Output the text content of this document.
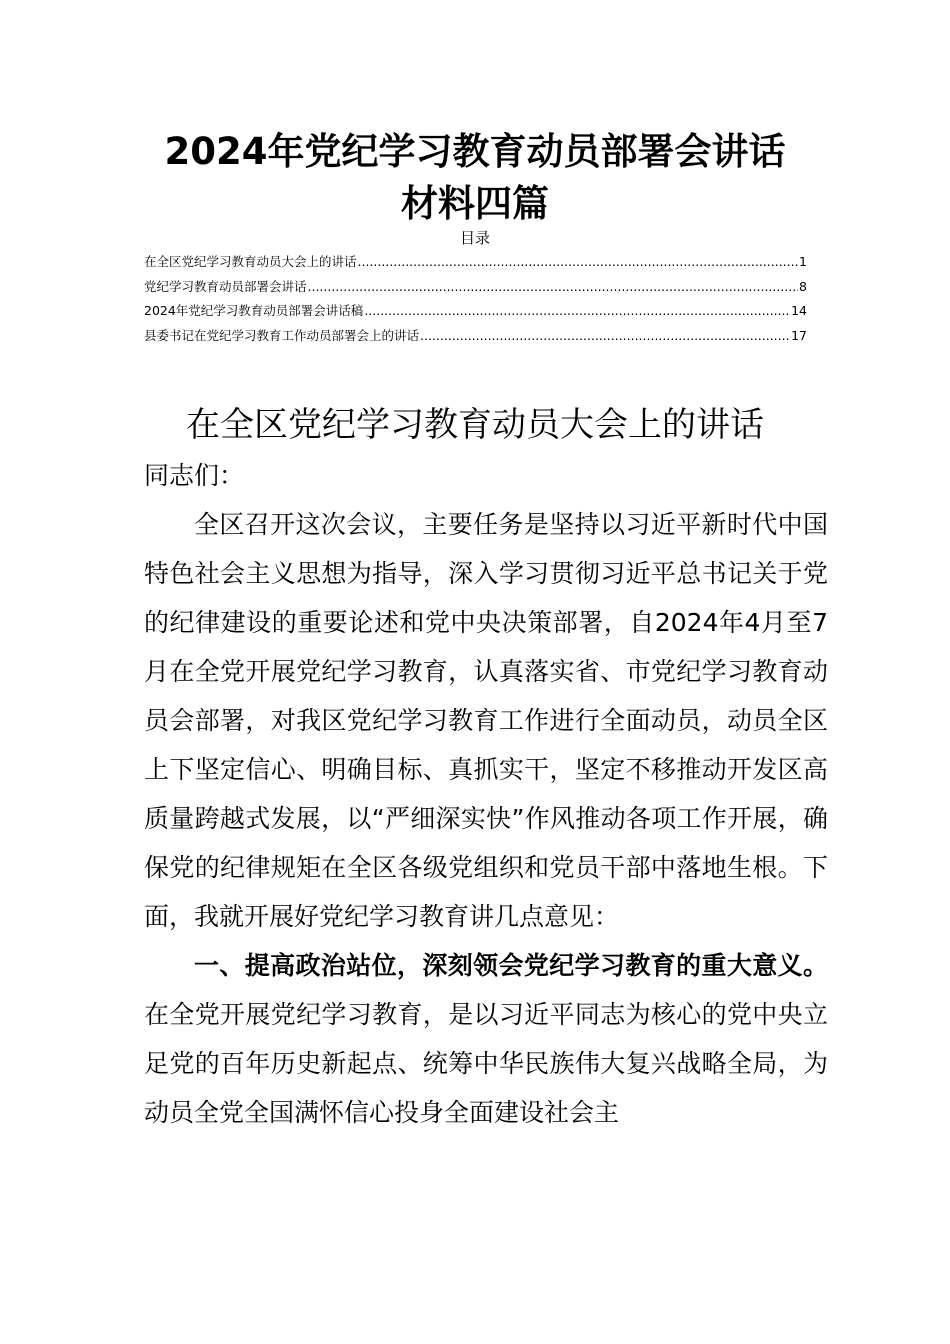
2024年党纪学习教育动员部署会讲话材料四篇
目录
在全区党纪学习教育动员大会上的讲话 .....	1
党纪学习教育动员部署会讲话 .....	8
2024年党纪学习教育动员部署会讲话稿 .....	14
县委书记在党纪学习教育工作动员部署会上的讲话 .....	17
在全区党纪学习教育动员大会上的讲话

同志们：

全区召开这次会议，主要任务是坚持以习近平新时代中国特色社会主义思想为指导，深入学习贯彻习近平总书记关于党的纪律建设的重要论述和党中央决策部署，自2024年4月至7月在全党开展党纪学习教育，认真落实省、市党纪学习教育动员会部署，对我区党纪学习教育工作进行全面动员，动员全区上下坚定信心、明确目标、真抓实干，坚定不移推动开发区高质量跨越式发展，以“严细深实快”作风推动各项工作开展，确保党的纪律规矩在全区各级党组织和党员干部中落地生根。下面，我就开展好党纪学习教育讲几点意见：

一、提高政治站位，深刻领会党纪学习教育的重大意义。在全党开展党纪学习教育，是以习近平同志为核心的党中央立足党的百年历史新起点、统筹中华民族伟大复兴战略全局，为动员全党全国满怀信心投身全面建设社会主
